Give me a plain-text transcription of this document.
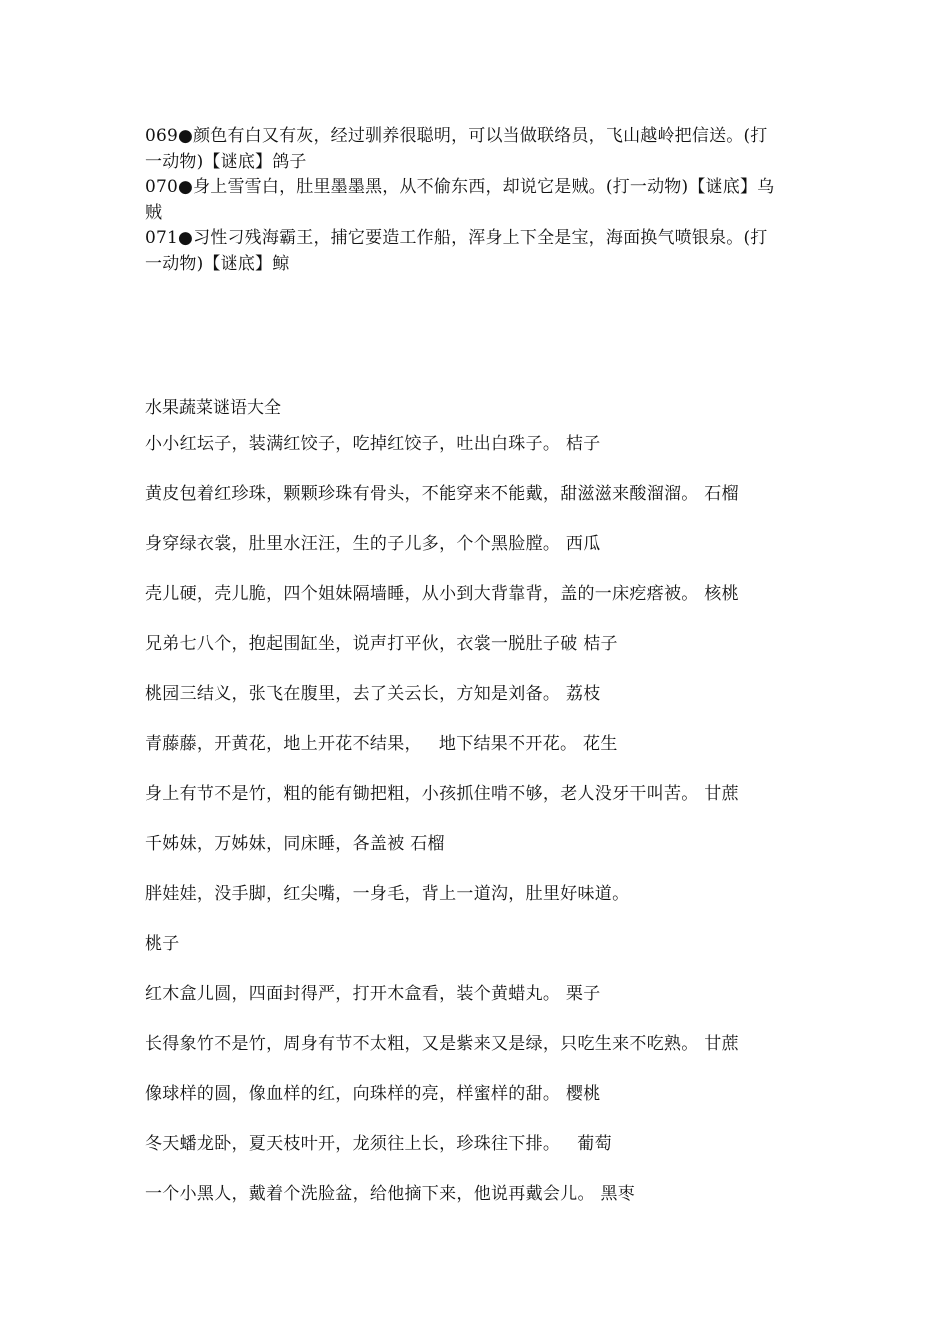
069●颜色有白又有灰，经过驯养很聪明，可以当做联络员，飞山越岭把信送。(打
一动物)【谜底】鸽子

070●身上雪雪白，肚里墨墨黑，从不偷东西，却说它是贼。(打一动物)【谜底】乌
贼

071●习性刁残海霸王，捕它要造工作船，浑身上下全是宝，海面换气喷银泉。(打
一动物)【谜底】鲸

水果蔬菜谜语大全

小小红坛子，装满红饺子，吃掉红饺子，吐出白珠子。 桔子

黄皮包着红珍珠，颗颗珍珠有骨头，不能穿来不能戴，甜滋滋来酸溜溜。 石榴

身穿绿衣裳，肚里水汪汪，生的子儿多，个个黑脸膛。 西瓜

壳儿硬，壳儿脆，四个姐妹隔墙睡，从小到大背靠背，盖的一床疙瘩被。 核桃

兄弟七八个，抱起围缸坐，说声打平伙，衣裳一脱肚子破 桔子

桃园三结义，张飞在腹里，去了关云长，方知是刘备。 荔枝

青藤藤，开黄花，地上开花不结果，   地下结果不开花。 花生

身上有节不是竹，粗的能有锄把粗，小孩抓住啃不够，老人没牙干叫苦。 甘蔗

千姊妹，万姊妹，同床睡，各盖被 石榴

胖娃娃，没手脚，红尖嘴，一身毛，背上一道沟，肚里好味道。

桃子

红木盒儿圆，四面封得严，打开木盒看，装个黄蜡丸。 栗子

长得象竹不是竹，周身有节不太粗，又是紫来又是绿，只吃生来不吃熟。 甘蔗

像球样的圆，像血样的红，向珠样的亮，样蜜样的甜。 樱桃

冬天蟠龙卧，夏天枝叶开，龙须往上长，珍珠往下排。   葡萄

一个小黑人，戴着个洗脸盆，给他摘下来，他说再戴会儿。 黑枣
